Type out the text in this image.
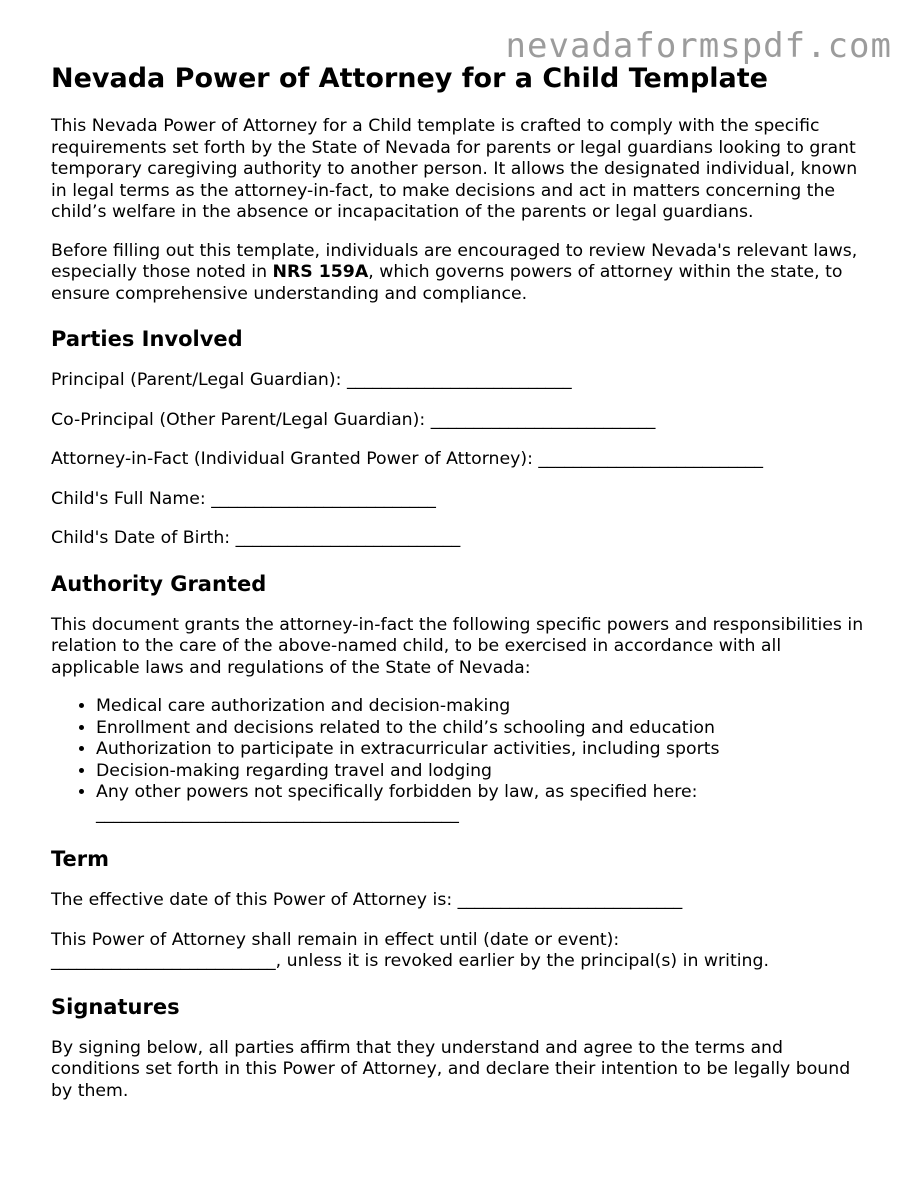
nevadaformspdf.com
Nevada Power of Attorney for a Child Template

This Nevada Power of Attorney for a Child template is crafted to comply with the specific requirements set forth by the State of Nevada for parents or legal guardians looking to grant temporary caregiving authority to another person. It allows the designated individual, known in legal terms as the attorney-in-fact, to make decisions and act in matters concerning the child’s welfare in the absence or incapacitation of the parents or legal guardians.

Before filling out this template, individuals are encouraged to review Nevada's relevant laws, especially those noted in NRS 159A, which governs powers of attorney within the state, to ensure comprehensive understanding and compliance.

Parties Involved

Principal (Parent/Legal Guardian): __________________________

Co-Principal (Other Parent/Legal Guardian): __________________________

Attorney-in-Fact (Individual Granted Power of Attorney): __________________________

Child's Full Name: __________________________

Child's Date of Birth: __________________________

Authority Granted

This document grants the attorney-in-fact the following specific powers and responsibilities in relation to the care of the above-named child, to be exercised in accordance with all applicable laws and regulations of the State of Nevada:

• Medical care authorization and decision-making
• Enrollment and decisions related to the child’s schooling and education
• Authorization to participate in extracurricular activities, including sports
• Decision-making regarding travel and lodging
• Any other powers not specifically forbidden by law, as specified here:
__________________________________________
Term

The effective date of this Power of Attorney is: __________________________

This Power of Attorney shall remain in effect until (date or event):
__________________________, unless it is revoked earlier by the principal(s) in writing.

Signatures

By signing below, all parties affirm that they understand and agree to the terms and conditions set forth in this Power of Attorney, and declare their intention to be legally bound by them.
